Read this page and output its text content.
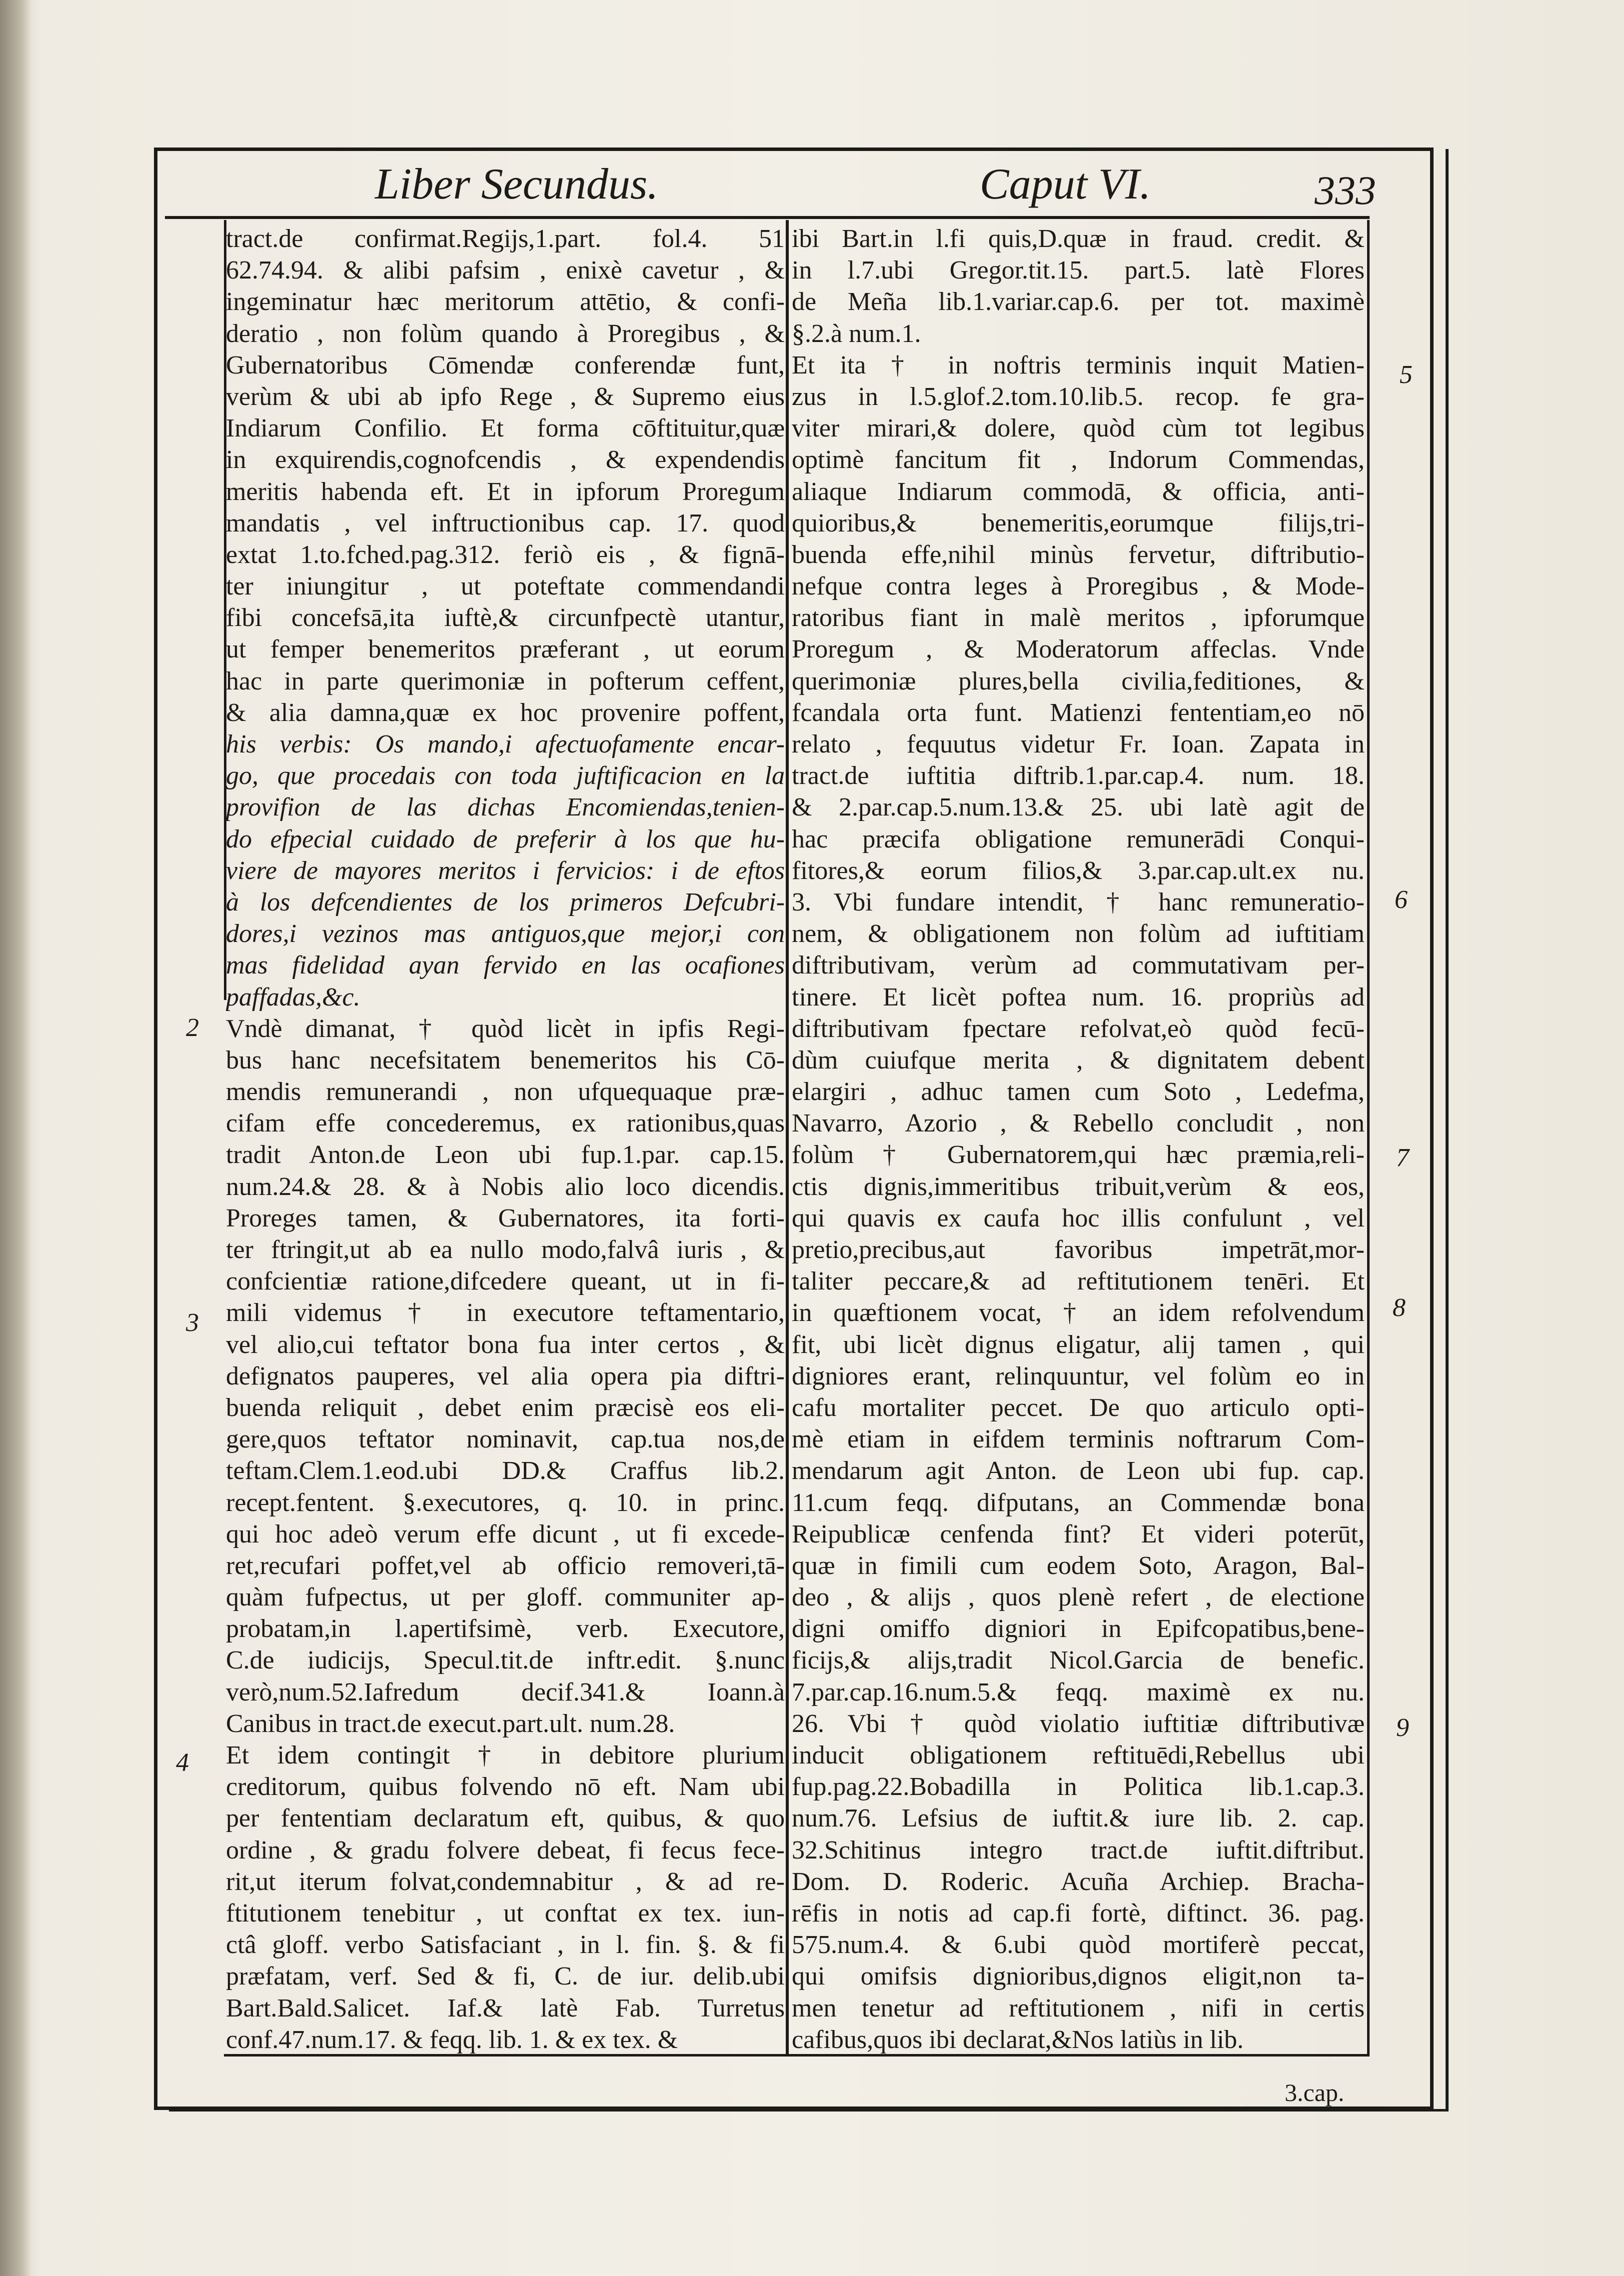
Liber Secundus.	Caput VI.	333
tract.de confirmat.Regijs,1.part. fol.4. 51
62.74.94. & alibi pafsim , enixè cavetur , &
ingeminatur hæc meritorum attētio, & confi-
deratio , non folùm quando à Proregibus , &
Gubernatoribus Cōmendæ conferendæ funt,
verùm & ubi ab ipfo Rege , & Supremo eius
Indiarum Confilio. Et forma cōftituitur,quæ
in exquirendis,cognofcendis , & expendendis
meritis habenda eft. Et in ipforum Proregum
mandatis , vel inftructionibus cap. 17. quod
extat 1.to.fched.pag.312. feriò eis , & fignā-
ter iniungitur , ut poteftate commendandi
fibi concefsā,ita iuftè,& circunfpectè utantur,
ut femper benemeritos præferant , ut eorum
hac in parte querimoniæ in pofterum ceffent,
& alia damna,quæ ex hoc provenire poffent,
his verbis: Os mando,i afectuofamente encar-
go, que procedais con toda juftificacion en la
provifion de las dichas Encomiendas,tenien-
do efpecial cuidado de preferir à los que hu-
viere de mayores meritos i fervicios: i de eftos
à los defcendientes de los primeros Defcubri-
dores,i vezinos mas antiguos,que mejor,i con
mas fidelidad ayan fervido en las ocafiones
paffadas,&c.
Vndè dimanat, † quòd licèt in ipfis Regi-
bus hanc necefsitatem benemeritos his Cō-
mendis remunerandi , non ufquequaque præ-
cifam effe concederemus, ex rationibus,quas
tradit Anton.de Leon ubi fup.1.par. cap.15.
num.24.& 28. & à Nobis alio loco dicendis.
Proreges tamen, & Gubernatores, ita forti-
ter ftringit,ut ab ea nullo modo,falvâ iuris , &
confcientiæ ratione,difcedere queant, ut in fi-
mili videmus † in executore teftamentario,
vel alio,cui teftator bona fua inter certos , &
defignatos pauperes, vel alia opera pia diftri-
buenda reliquit , debet enim præcisè eos eli-
gere,quos teftator nominavit, cap.tua nos,de
teftam.Clem.1.eod.ubi DD.& Craffus lib.2.
recept.fentent. §.executores, q. 10. in princ.
qui hoc adeò verum effe dicunt , ut fi excede-
ret,recufari poffet,vel ab officio removeri,tā-
quàm fufpectus, ut per gloff. communiter ap-
probatam,in l.apertifsimè, verb. Executore,
C.de iudicijs, Specul.tit.de inftr.edit. §.nunc
verò,num.52.Iafredum decif.341.& Ioann.à
Canibus in tract.de execut.part.ult. num.28.
Et idem contingit † in debitore plurium
creditorum, quibus folvendo nō eft. Nam ubi
per fententiam declaratum eft, quibus, & quo
ordine , & gradu folvere debeat, fi fecus fece-
rit,ut iterum folvat,condemnabitur , & ad re-
ftitutionem tenebitur , ut conftat ex tex. iun-
ctâ gloff. verbo Satisfaciant , in l. fin. §. & fi
præfatam, verf. Sed & fi, C. de iur. delib.ubi
Bart.Bald.Salicet. Iaf.& latè Fab. Turretus
conf.47.num.17. & feqq. lib. 1. & ex tex. &
ibi Bart.in l.fi quis,D.quæ in fraud. credit. &
in l.7.ubi Gregor.tit.15. part.5. latè Flores
de Meña lib.1.variar.cap.6. per tot. maximè
§.2.à num.1.
Et ita † in noftris terminis inquit Matien-
zus in l.5.glof.2.tom.10.lib.5. recop. fe gra-
viter mirari,& dolere, quòd cùm tot legibus
optimè fancitum fit , Indorum Commendas,
aliaque Indiarum commodā, & officia, anti-
quioribus,& benemeritis,eorumque filijs,tri-
buenda effe,nihil minùs fervetur, diftributio-
nefque contra leges à Proregibus , & Mode-
ratoribus fiant in malè meritos , ipforumque
Proregum , & Moderatorum affeclas. Vnde
querimoniæ plures,bella civilia,feditiones, &
fcandala orta funt. Matienzi fententiam,eo nō
relato , fequutus videtur Fr. Ioan. Zapata in
tract.de iuftitia diftrib.1.par.cap.4. num. 18.
& 2.par.cap.5.num.13.& 25. ubi latè agit de
hac præcifa obligatione remunerādi Conqui-
fitores,& eorum filios,& 3.par.cap.ult.ex nu.
3. Vbi fundare intendit, † hanc remuneratio-
nem, & obligationem non folùm ad iuftitiam
diftributivam, verùm ad commutativam per-
tinere. Et licèt poftea num. 16. propriùs ad
diftributivam fpectare refolvat,eò quòd fecū-
dùm cuiufque merita , & dignitatem debent
elargiri , adhuc tamen cum Soto , Ledefma,
Navarro, Azorio , & Rebello concludit , non
folùm † Gubernatorem,qui hæc præmia,reli-
ctis dignis,immeritibus tribuit,verùm & eos,
qui quavis ex caufa hoc illis confulunt , vel
pretio,precibus,aut favoribus impetrāt,mor-
taliter peccare,& ad reftitutionem tenēri. Et
in quæftionem vocat, † an idem refolvendum
fit, ubi licèt dignus eligatur, alij tamen , qui
digniores erant, relinquuntur, vel folùm eo in
cafu mortaliter peccet. De quo articulo opti-
mè etiam in eifdem terminis noftrarum Com-
mendarum agit Anton. de Leon ubi fup. cap.
11.cum feqq. difputans, an Commendæ bona
Reipublicæ cenfenda fint? Et videri poterūt,
quæ in fimili cum eodem Soto, Aragon, Bal-
deo , & alijs , quos plenè refert , de electione
digni omiffo digniori in Epifcopatibus,bene-
ficijs,& alijs,tradit Nicol.Garcia de benefic.
7.par.cap.16.num.5.& feqq. maximè ex nu.
26. Vbi † quòd violatio iuftitiæ diftributivæ
inducit obligationem reftituēdi,Rebellus ubi
fup.pag.22.Bobadilla in Politica lib.1.cap.3.
num.76. Lefsius de iuftit.& iure lib. 2. cap.
32.Schitinus integro tract.de iuftit.diftribut.
Dom. D. Roderic. Acuña Archiep. Bracha-
rēfis in notis ad cap.fi fortè, diftinct. 36. pag.
575.num.4. & 6.ubi quòd mortiferè peccat,
qui omifsis dignioribus,dignos eligit,non ta-
men tenetur ad reftitutionem , nifi in certis
cafibus,quos ibi declarat,&Nos latiùs in lib.
2
3
4
5
6
7
8
9
3.cap.
